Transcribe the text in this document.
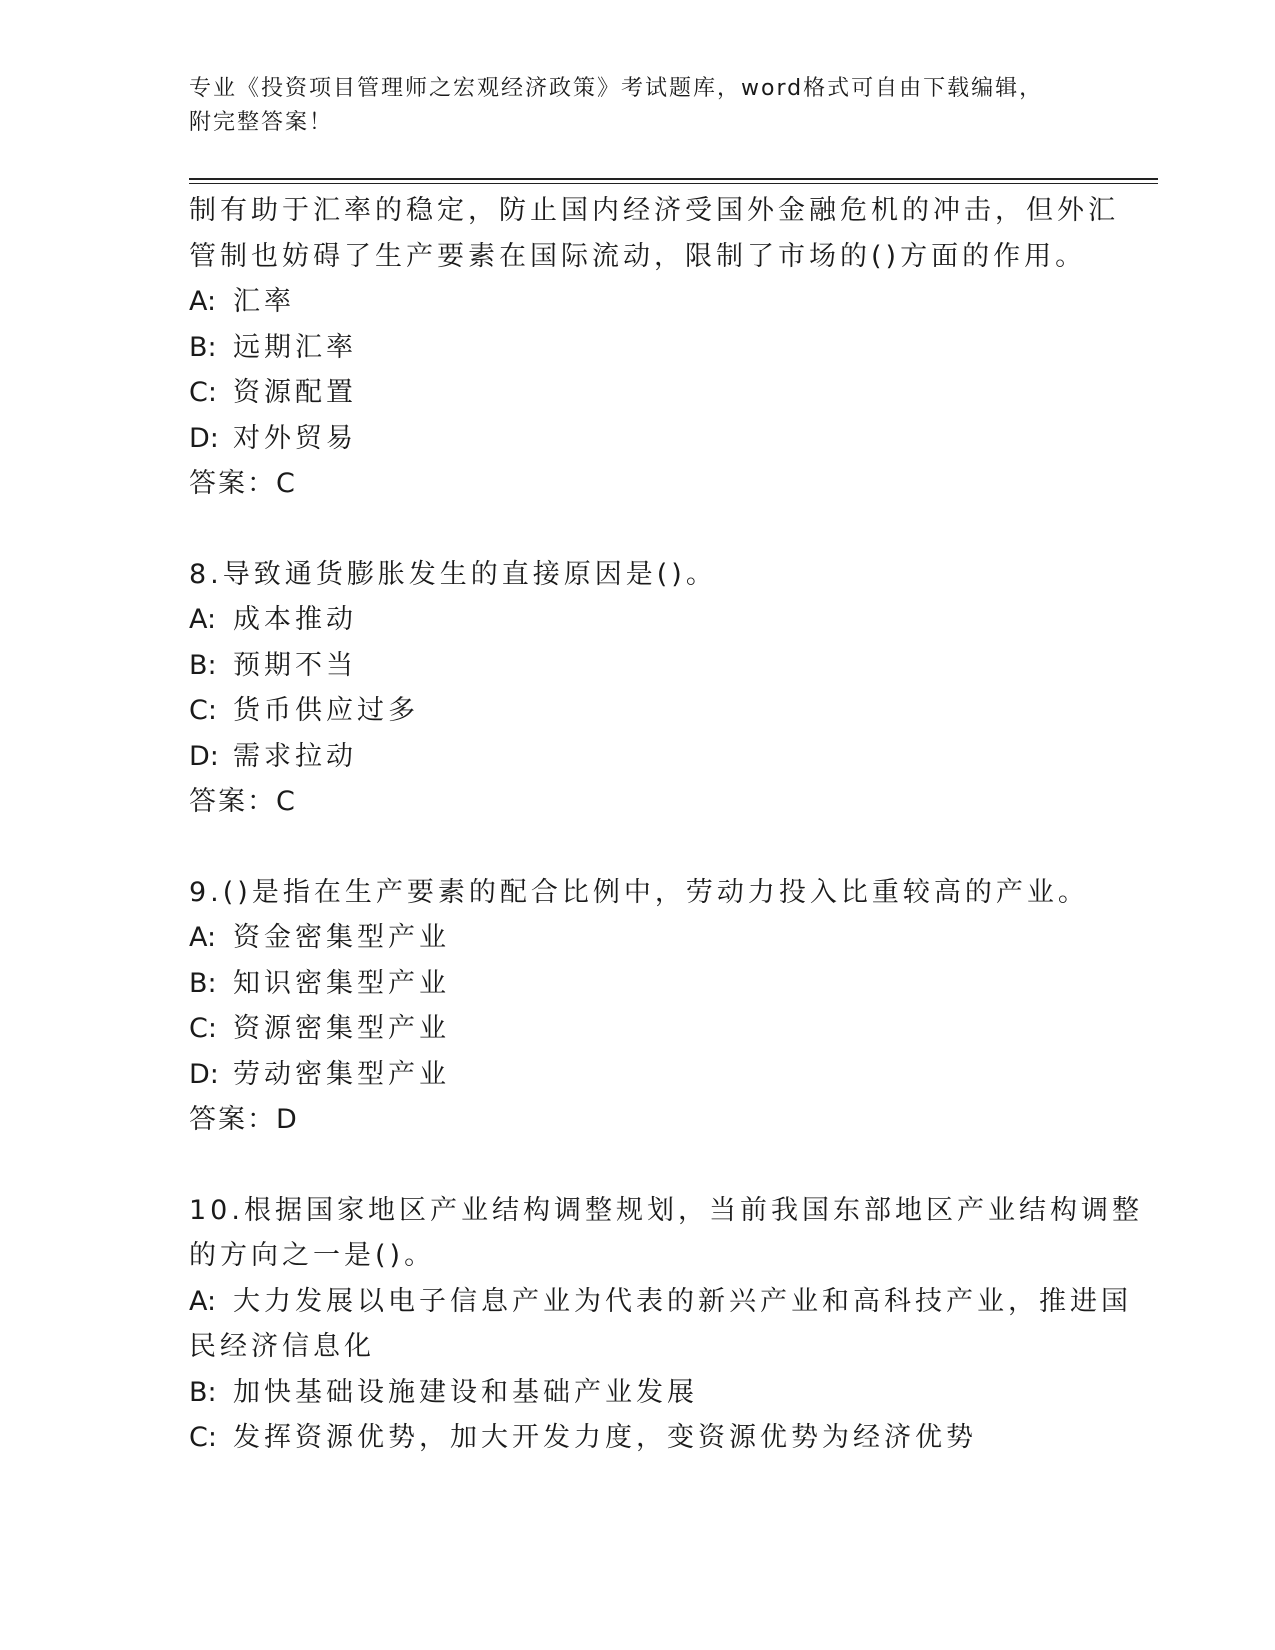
专业《投资项目管理师之宏观经济政策》考试题库，word格式可自由下载编辑，
附完整答案！
制有助于汇率的稳定，防止国内经济受国外金融危机的冲击，但外汇
管制也妨碍了生产要素在国际流动，限制了市场的()方面的作用。
A: 汇率
B: 远期汇率
C: 资源配置
D: 对外贸易
答案：C
8.导致通货膨胀发生的直接原因是()。
A: 成本推动
B: 预期不当
C: 货币供应过多
D: 需求拉动
答案：C
9.()是指在生产要素的配合比例中，劳动力投入比重较高的产业。
A: 资金密集型产业
B: 知识密集型产业
C: 资源密集型产业
D: 劳动密集型产业
答案：D
10.根据国家地区产业结构调整规划，当前我国东部地区产业结构调整
的方向之一是()。
A: 大力发展以电子信息产业为代表的新兴产业和高科技产业，推进国
民经济信息化
B: 加快基础设施建设和基础产业发展
C: 发挥资源优势，加大开发力度，变资源优势为经济优势
